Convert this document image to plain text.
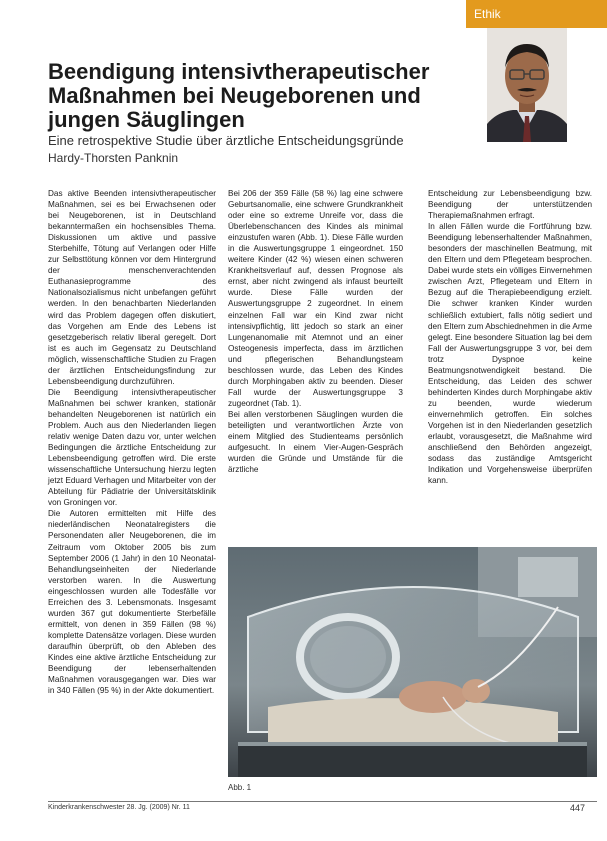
Ethik
Beendigung intensivtherapeutischer Maßnahmen bei Neugeborenen und jungen Säuglingen

Eine retrospektive Studie über ärztliche Entscheidungsgründe

Hardy-Thorsten Panknin

Das aktive Beenden intensivtherapeutischer Maßnahmen, sei es bei Erwachsenen oder bei Neugeborenen, ist in Deutschland bekanntermaßen ein hochsensibles Thema. Diskussionen um aktive und passive Sterbehilfe, Tötung auf Verlangen oder Hilfe zur Selbsttötung können vor dem Hintergrund der menschenverachtenden Euthanasieprogramme des Nationalsozialismus nicht unbefangen geführt werden. In den benachbarten Niederlanden wird das Problem dagegen offen diskutiert, das Vorgehen am Ende des Lebens ist gesetzgeberisch relativ liberal geregelt. Dort ist es auch im Gegensatz zu Deutschland möglich, wissenschaftliche Studien zu Fragen der ärztlichen Entscheidungsfindung zur Lebensbeendigung durchzuführen.

Die Beendigung intensivtherapeutischer Maßnahmen bei schwer kranken, stationär behandelten Neugeborenen ist natürlich ein Problem. Auch aus den Niederlanden liegen relativ wenige Daten dazu vor, unter welchen Bedingungen die ärztliche Entscheidung zur Lebensbeendigung getroffen wird. Die erste wissenschaftliche Untersuchung hierzu legten jetzt Eduard Verhagen und Mitarbeiter von der Abteilung für Pädiatrie der Universitätsklinik von Groningen vor.

Die Autoren ermittelten mit Hilfe des niederländischen Neonatalregisters die Personendaten aller Neugeborenen, die im Zeitraum vom Oktober 2005 bis zum September 2006 (1 Jahr) in den 10 Neonatal-Behandlungseinheiten der Niederlande verstorben waren. In die Auswertung eingeschlossen wurden alle Todesfälle vor Erreichen des 3. Lebensmonats. Insgesamt wurden 367 gut dokumentierte Sterbefälle ermittelt, von denen in 359 Fällen (98 %) komplette Datensätze vorlagen. Diese wurden daraufhin überprüft, ob den Ableben des Kindes eine aktive ärztliche Entscheidung zur Beendigung der lebenserhaltenden Maßnahmen vorausgegangen war. Dies war in 340 Fällen (95 %) in der Akte dokumentiert.

Bei 206 der 359 Fälle (58 %) lag eine schwere Geburtsanomalie, eine schwere Grundkrankheit oder eine so extreme Unreife vor, dass die Überlebenschancen des Kindes als minimal einzustufen waren (Abb. 1). Diese Fälle wurden in die Auswertungsgruppe 1 eingeordnet. 150 weitere Kinder (42 %) wiesen einen schweren Krankheitsverlauf auf, dessen Prognose als ernst, aber nicht zwingend als infaust beurteilt wurde. Diese Fälle wurden der Auswertungsgruppe 2 zugeordnet. In einem einzelnen Fall war ein Kind zwar nicht intensivpflichtig, litt jedoch so stark an einer Lungenanomalie mit Atemnot und an einer Osteogenesis imperfecta, dass im ärztlichen und pflegerischen Behandlungsteam beschlossen wurde, das Leben des Kindes durch Morphingaben aktiv zu beenden. Dieser Fall wurde der Auswertungsgruppe 3 zugeordnet (Tab. 1).

Bei allen verstorbenen Säuglingen wurden die beteiligten und verantwortlichen Ärzte von einem Mitglied des Studienteams persönlich aufgesucht. In einem Vier-Augen-Gespräch wurden die Gründe und Umstände für die ärztliche

Entscheidung zur Lebensbeendigung bzw. Beendigung der unterstützenden Therapiemaßnahmen erfragt.

In allen Fällen wurde die Fortführung bzw. Beendigung lebenserhaltender Maßnahmen, besonders der maschinellen Beatmung, mit den Eltern und dem Pflegeteam besprochen. Dabei wurde stets ein völliges Einvernehmen zwischen Arzt, Pflegeteam und Eltern in Bezug auf die Therapiebeendigung erzielt. Die schwer kranken Kinder wurden schließlich extubiert, falls nötig sediert und den Eltern zum Abschiednehmen in die Arme gelegt. Eine besondere Situation lag bei dem Fall der Auswertungsgruppe 3 vor, bei dem trotz Dyspnoe keine Beatmungsnotwendigkeit bestand. Die Entscheidung, das Leiden des schwer behinderten Kindes durch Morphingabe aktiv zu beenden, wurde wiederum einvernehmlich getroffen. Ein solches Vorgehen ist in den Niederlanden gesetzlich erlaubt, vorausgesetzt, die Maßnahme wird anschließend den Behörden angezeigt, sodass das zuständige Amtsgericht Indikation und Vorgehensweise überprüfen kann.

Abb. 1
Kinderkrankenschwester 28. Jg. (2009) Nr. 11	447
